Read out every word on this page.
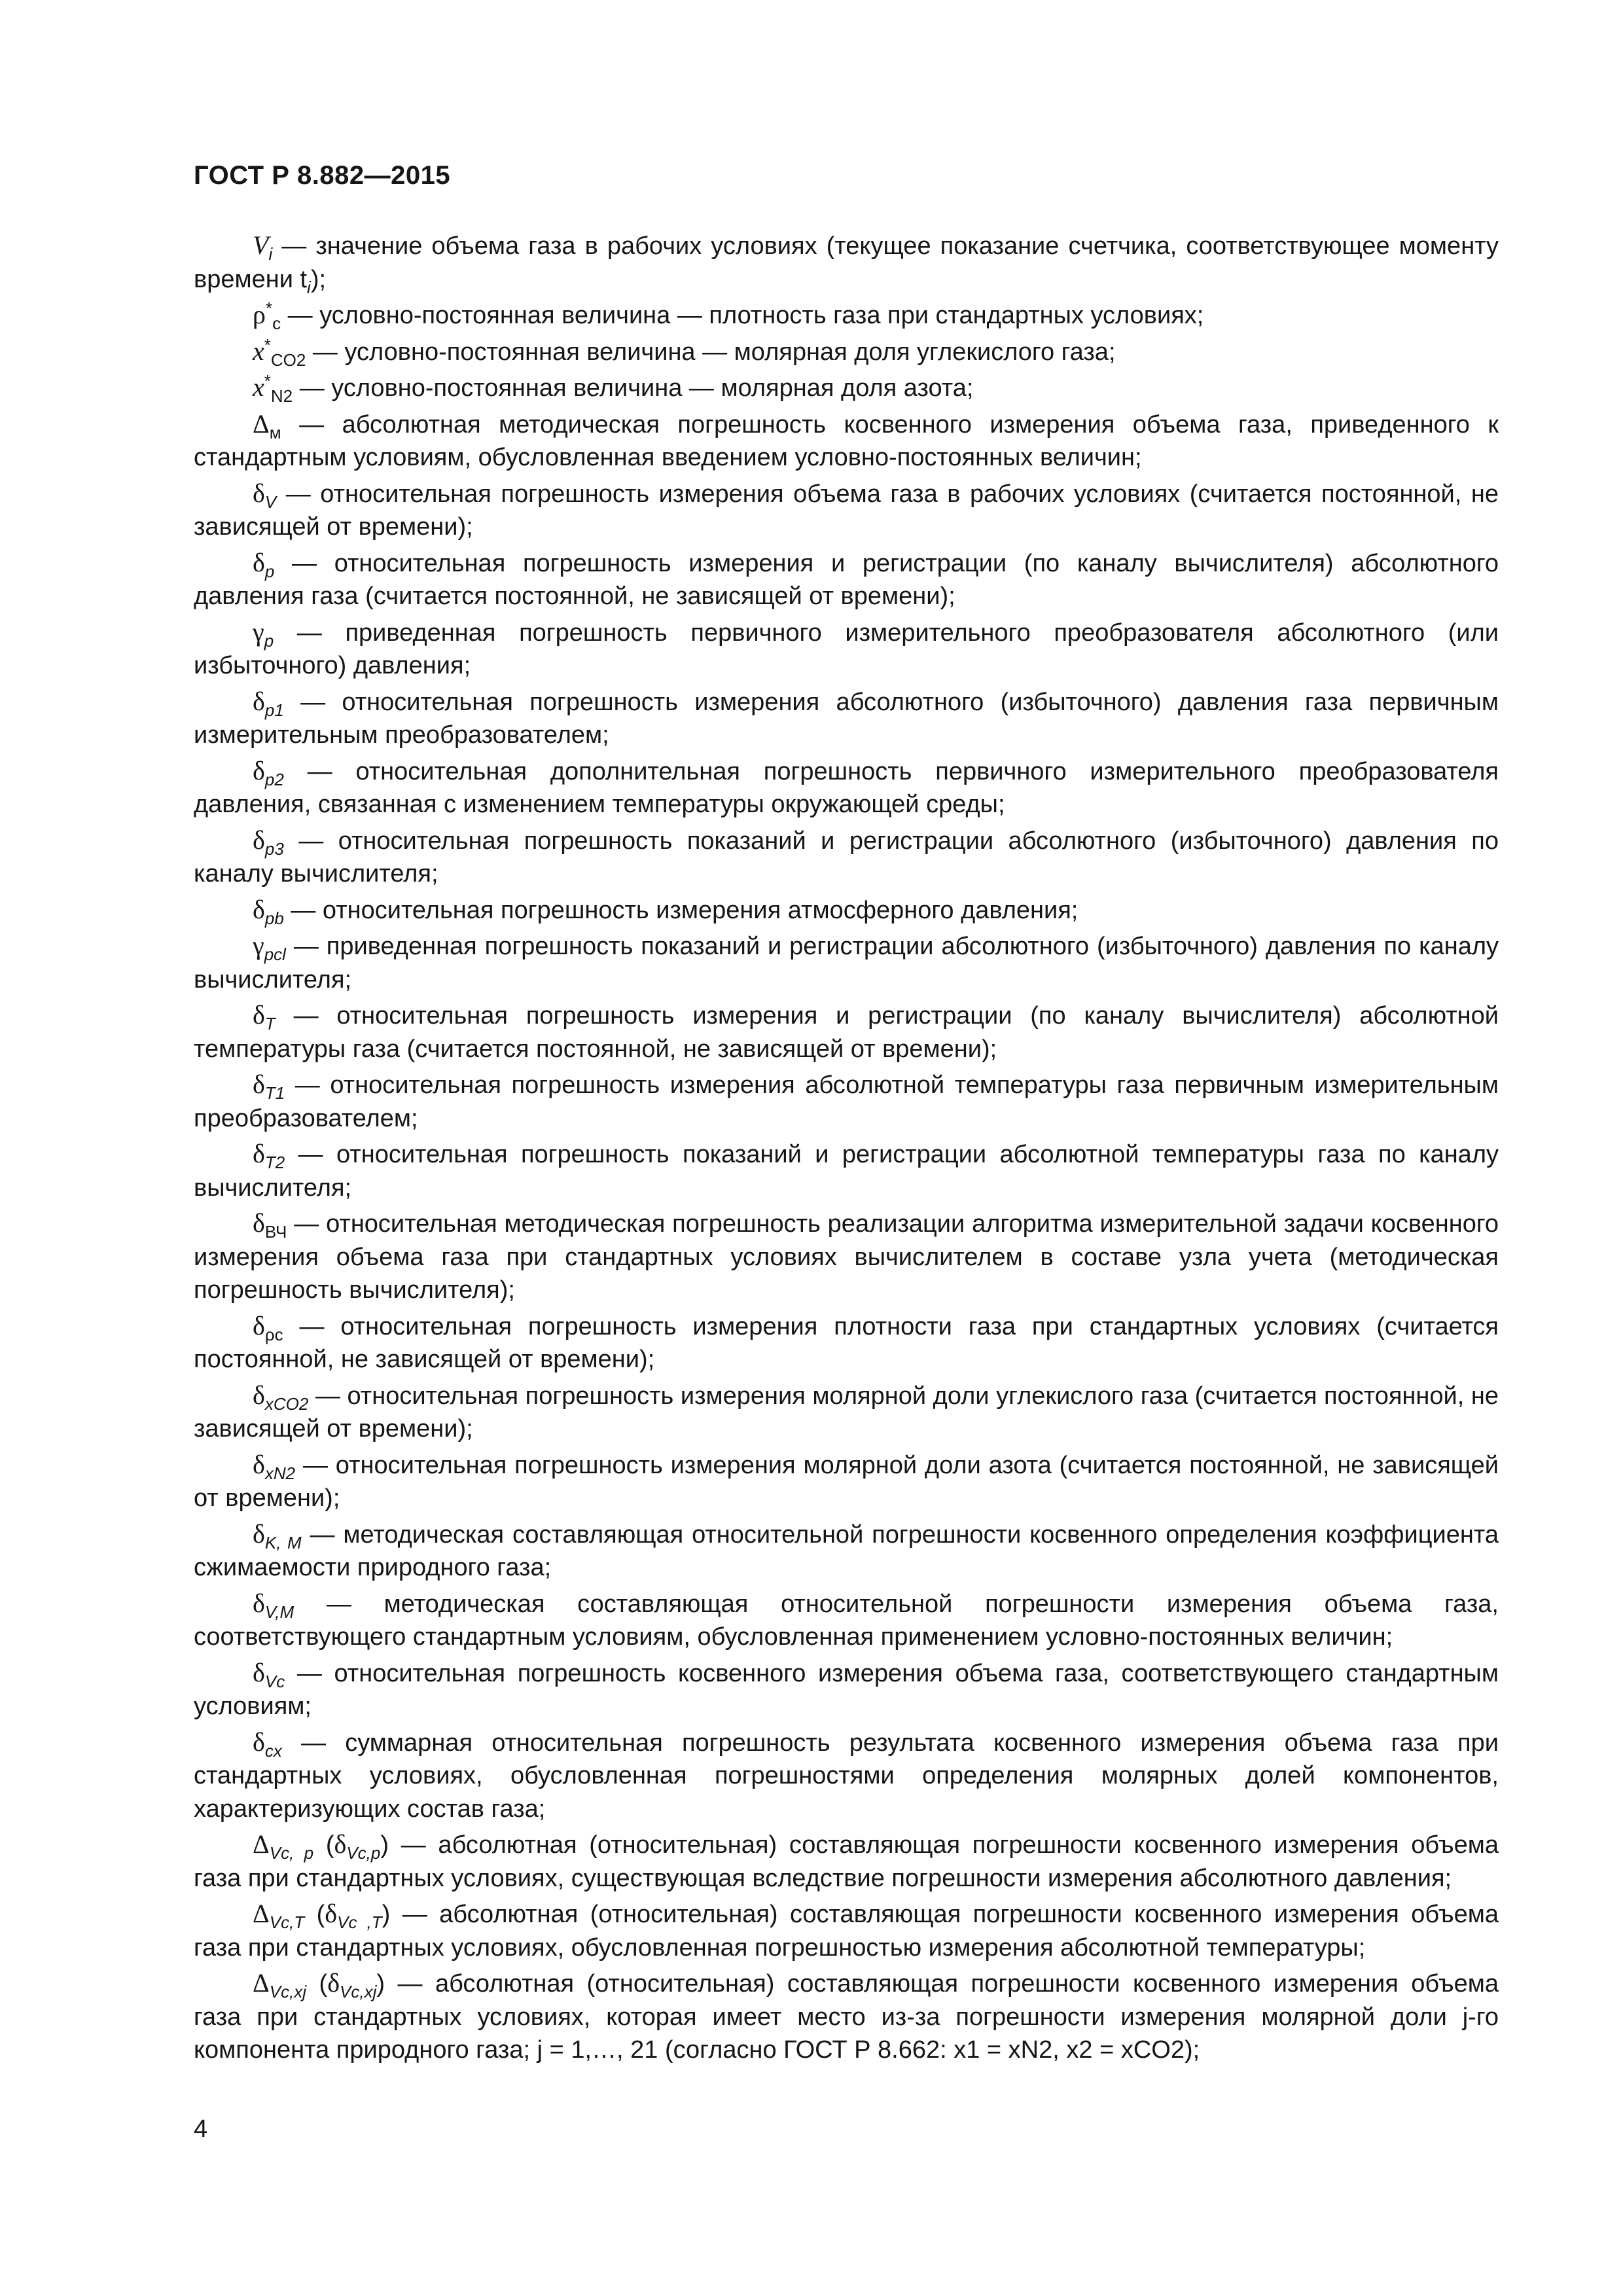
ГОСТ Р 8.882—2015

$V_i$ — значение объема газа в рабочих условиях (текущее показание счетчика, соответствующее моменту времени $t_i$);

$\rho^*_c$ — условно-постоянная величина — плотность газа при стандартных условиях;

$x^*_{CO2}$ — условно-постоянная величина — молярная доля углекислого газа;

$x^*_{N2}$ — условно-постоянная величина — молярная доля азота;

$\Delta_м$ — абсолютная методическая погрешность косвенного измерения объема газа, приведенного к стандартным условиям, обусловленная введением условно-постоянных величин;

$\delta_V$ — относительная погрешность измерения объема газа в рабочих условиях (считается постоянной, не зависящей от времени);

$\delta_p$ — относительная погрешность измерения и регистрации (по каналу вычислителя) абсолютного давления газа (считается постоянной, не зависящей от времени);

$\gamma_p$ — приведенная погрешность первичного измерительного преобразователя абсолютного (или избыточного) давления;

$\delta_{p1}$ — относительная погрешность измерения абсолютного (избыточного) давления газа первичным измерительным преобразователем;

$\delta_{p2}$ — относительная дополнительная погрешность первичного измерительного преобразователя давления, связанная с изменением температуры окружающей среды;

$\delta_{p3}$ — относительная погрешность показаний и регистрации абсолютного (избыточного) давления по каналу вычислителя;

$\delta_{pb}$ — относительная погрешность измерения атмосферного давления;

$\gamma_{pcl}$ — приведенная погрешность показаний и регистрации абсолютного (избыточного) давления по каналу вычислителя;

$\delta_T$ — относительная погрешность измерения и регистрации (по каналу вычислителя) абсолютной температуры газа (считается постоянной, не зависящей от времени);

$\delta_{T1}$ — относительная погрешность измерения абсолютной температуры газа первичным измерительным преобразователем;

$\delta_{T2}$ — относительная погрешность показаний и регистрации абсолютной температуры газа по каналу вычислителя;

$\delta_{ВЧ}$ — относительная методическая погрешность реализации алгоритма измерительной задачи косвенного измерения объема газа при стандартных условиях вычислителем в составе узла учета (методическая погрешность вычислителя);

$\delta_{\rho c}$ — относительная погрешность измерения плотности газа при стандартных условиях (считается постоянной, не зависящей от времени);

$\delta_{xCO2}$ — относительная погрешность измерения молярной доли углекислого газа (считается постоянной, не зависящей от времени);

$\delta_{xN2}$ — относительная погрешность измерения молярной доли азота (считается постоянной, не зависящей от времени);

$\delta_{K, M}$ — методическая составляющая относительной погрешности косвенного определения коэффициента сжимаемости природного газа;

$\delta_{V,M}$ — методическая составляющая относительной погрешности измерения объема газа, соответствующего стандартным условиям, обусловленная применением условно-постоянных величин;

$\delta_{Vc}$ — относительная погрешность косвенного измерения объема газа, соответствующего стандартным условиям;

$\delta_{cx}$ — суммарная относительная погрешность результата косвенного измерения объема газа при стандартных условиях, обусловленная погрешностями определения молярных долей компонентов, характеризующих состав газа;

$\Delta_{Vc, p}$ $(\delta_{Vc,p})$ — абсолютная (относительная) составляющая погрешности косвенного измерения объема газа при стандартных условиях, существующая вследствие погрешности измерения абсолютного давления;

$\Delta_{Vc,T}$ $(\delta_{Vc ,T})$ — абсолютная (относительная) составляющая погрешности косвенного измерения объема газа при стандартных условиях, обусловленная погрешностью измерения абсолютной температуры;

$\Delta_{Vc,xj}$ $(\delta_{Vc,xj})$ — абсолютная (относительная) составляющая погрешности косвенного измерения объема газа при стандартных условиях, которая имеет место из-за погрешности измерения молярной доли j-го компонента природного газа; j = 1,…, 21 (согласно ГОСТ Р 8.662: x1 = xN2, x2 = xCO2);

4
